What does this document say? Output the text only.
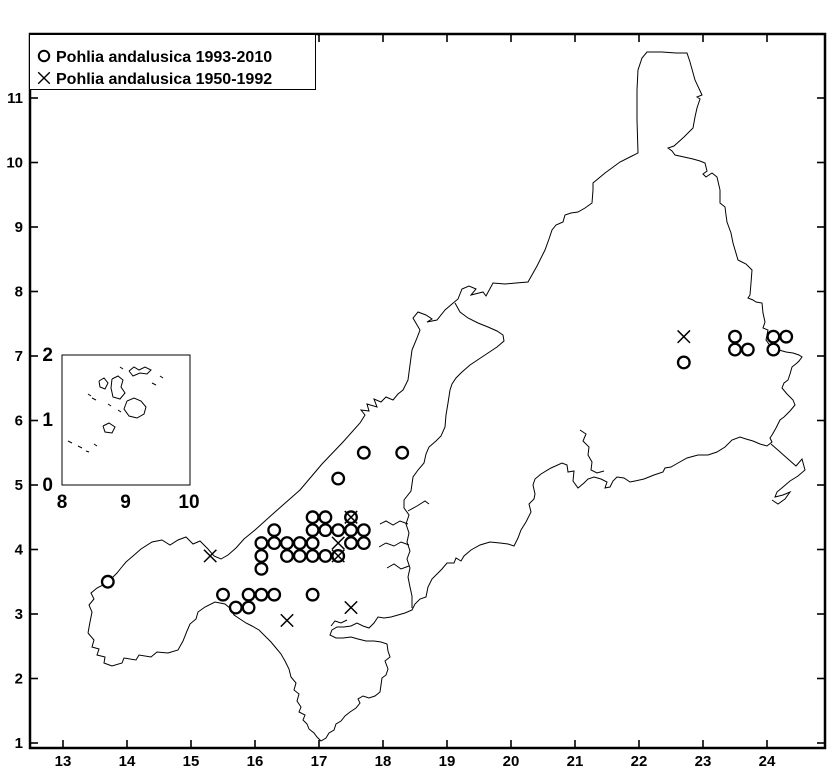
13	14	15	16	17	18	19	20	21	22	23	24
1
2
3
4
5
6
7
8
9
10
11
8	9	10
0
1
2
Pohlia andalusica 1993-2010
Pohlia andalusica 1950-1992
